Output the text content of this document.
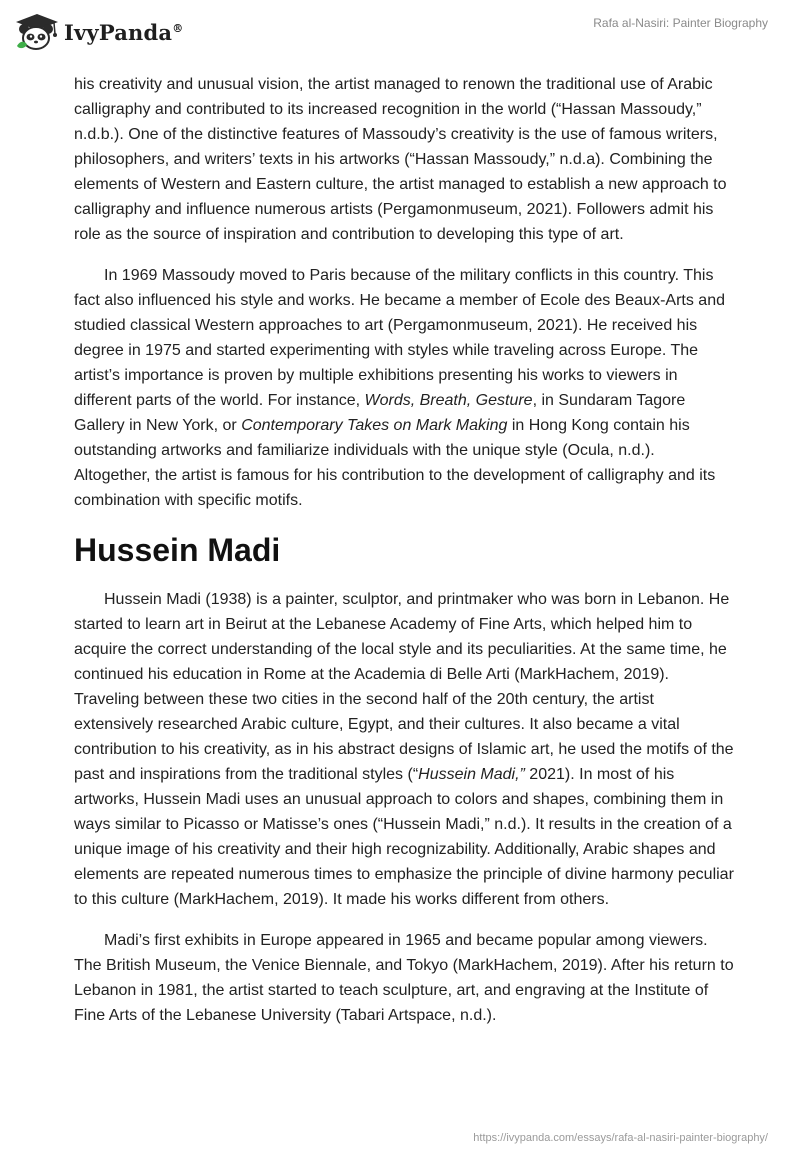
IvyPanda®	Rafa al-Nasiri: Painter Biography

his creativity and unusual vision, the artist managed to renown the traditional use of Arabic calligraphy and contributed to its increased recognition in the world (“Hassan Massoudy,” n.d.b.). One of the distinctive features of Massoudy’s creativity is the use of famous writers, philosophers, and writers’ texts in his artworks (“Hassan Massoudy,” n.d.a). Combining the elements of Western and Eastern culture, the artist managed to establish a new approach to calligraphy and influence numerous artists (Pergamonmuseum, 2021). Followers admit his role as the source of inspiration and contribution to developing this type of art.

In 1969 Massoudy moved to Paris because of the military conflicts in this country. This fact also influenced his style and works. He became a member of Ecole des Beaux-Arts and studied classical Western approaches to art (Pergamonmuseum, 2021). He received his degree in 1975 and started experimenting with styles while traveling across Europe. The artist’s importance is proven by multiple exhibitions presenting his works to viewers in different parts of the world. For instance, Words, Breath, Gesture, in Sundaram Tagore Gallery in New York, or Contemporary Takes on Mark Making in Hong Kong contain his outstanding artworks and familiarize individuals with the unique style (Ocula, n.d.). Altogether, the artist is famous for his contribution to the development of calligraphy and its combination with specific motifs.

Hussein Madi

Hussein Madi (1938) is a painter, sculptor, and printmaker who was born in Lebanon. He started to learn art in Beirut at the Lebanese Academy of Fine Arts, which helped him to acquire the correct understanding of the local style and its peculiarities. At the same time, he continued his education in Rome at the Academia di Belle Arti (MarkHachem, 2019). Traveling between these two cities in the second half of the 20th century, the artist extensively researched Arabic culture, Egypt, and their cultures. It also became a vital contribution to his creativity, as in his abstract designs of Islamic art, he used the motifs of the past and inspirations from the traditional styles (“Hussein Madi,” 2021). In most of his artworks, Hussein Madi uses an unusual approach to colors and shapes, combining them in ways similar to Picasso or Matisse’s ones (“Hussein Madi,” n.d.). It results in the creation of a unique image of his creativity and their high recognizability. Additionally, Arabic shapes and elements are repeated numerous times to emphasize the principle of divine harmony peculiar to this culture (MarkHachem, 2019). It made his works different from others.

Madi’s first exhibits in Europe appeared in 1965 and became popular among viewers. The British Museum, the Venice Biennale, and Tokyo (MarkHachem, 2019). After his return to Lebanon in 1981, the artist started to teach sculpture, art, and engraving at the Institute of Fine Arts of the Lebanese University (Tabari Artspace, n.d.).

https://ivypanda.com/essays/rafa-al-nasiri-painter-biography/
